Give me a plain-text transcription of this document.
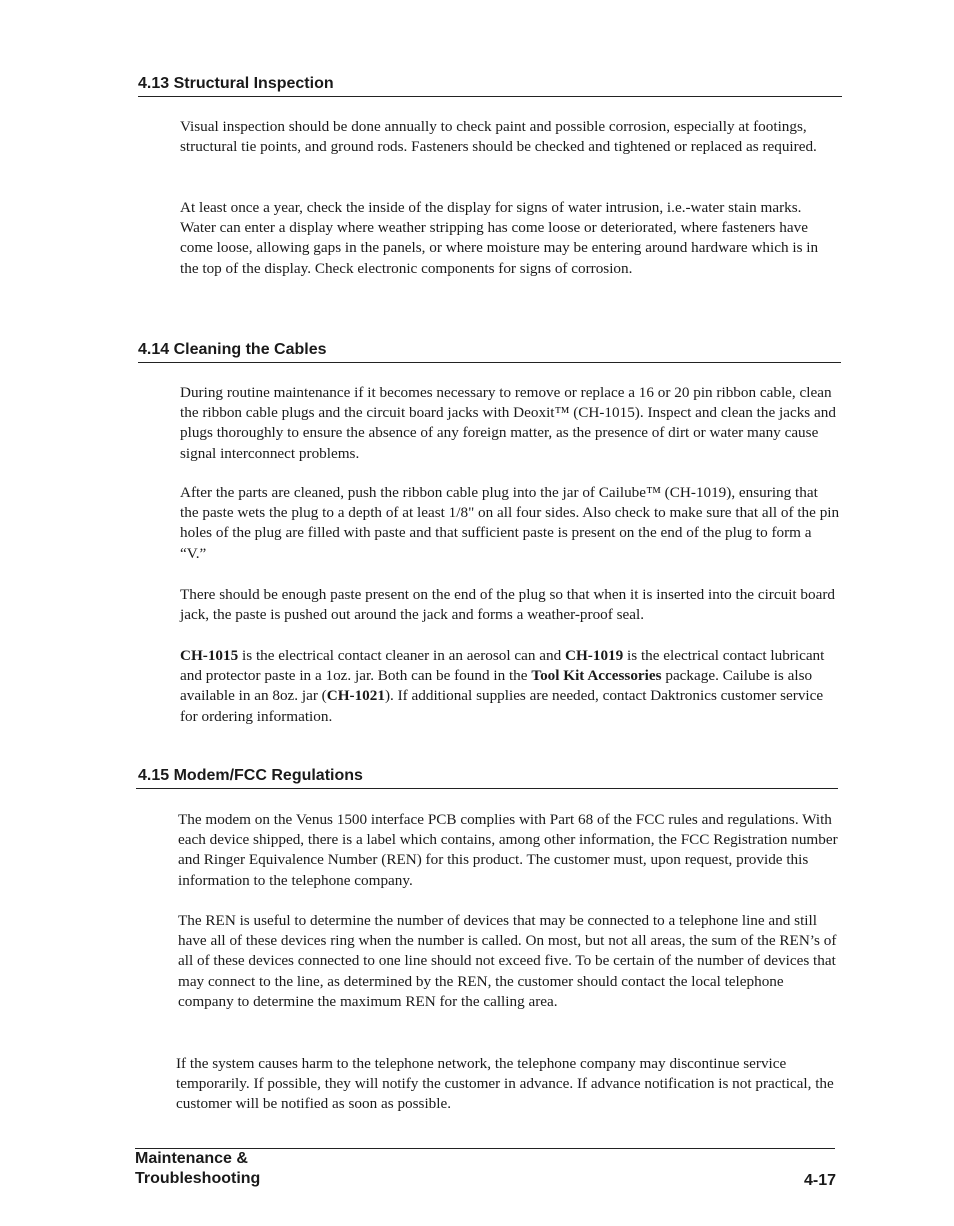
4.13 Structural Inspection

Visual inspection should be done annually to check paint and possible corrosion, especially at footings, structural tie points, and ground rods. Fasteners should be checked and tightened or replaced as required.

At least once a year, check the inside of the display for signs of water intrusion, i.e.-water stain marks. Water can enter a display where weather stripping has come loose or deteriorated, where fasteners have come loose, allowing gaps in the panels, or where moisture may be entering around hardware which is in the top of the display. Check electronic components for signs of corrosion.

4.14 Cleaning the Cables

During routine maintenance if it becomes necessary to remove or replace a 16 or 20 pin ribbon cable, clean the ribbon cable plugs and the circuit board jacks with Deoxit™ (CH-1015). Inspect and clean the jacks and plugs thoroughly to ensure the absence of any foreign matter, as the presence of dirt or water many cause signal interconnect problems.

After the parts are cleaned, push the ribbon cable plug into the jar of Cailube™ (CH-1019), ensuring that the paste wets the plug to a depth of at least 1/8" on all four sides. Also check to make sure that all of the pin holes of the plug are filled with paste and that sufficient paste is present on the end of the plug to form a “V.”

There should be enough paste present on the end of the plug so that when it is inserted into the circuit board jack, the paste is pushed out around the jack and forms a weather-proof seal.

CH-1015 is the electrical contact cleaner in an aerosol can and CH-1019 is the electrical contact lubricant and protector paste in a 1oz. jar. Both can be found in the Tool Kit Accessories package. Cailube is also available in an 8oz. jar (CH-1021). If additional supplies are needed, contact Daktronics customer service for ordering information.

4.15 Modem/FCC Regulations

The modem on the Venus 1500 interface PCB complies with Part 68 of the FCC rules and regulations. With each device shipped, there is a label which contains, among other information, the FCC Registration number and Ringer Equivalence Number (REN) for this product. The customer must, upon request, provide this information to the telephone company.

The REN is useful to determine the number of devices that may be connected to a telephone line and still have all of these devices ring when the number is called. On most, but not all areas, the sum of the REN’s of all of these devices connected to one line should not exceed five. To be certain of the number of devices that may connect to the line, as determined by the REN, the customer should contact the local telephone company to determine the maximum REN for the calling area.

If the system causes harm to the telephone network, the telephone company may discontinue service temporarily. If possible, they will notify the customer in advance. If advance notification is not practical, the customer will be notified as soon as possible.

Maintenance &
Troubleshooting	4-17
